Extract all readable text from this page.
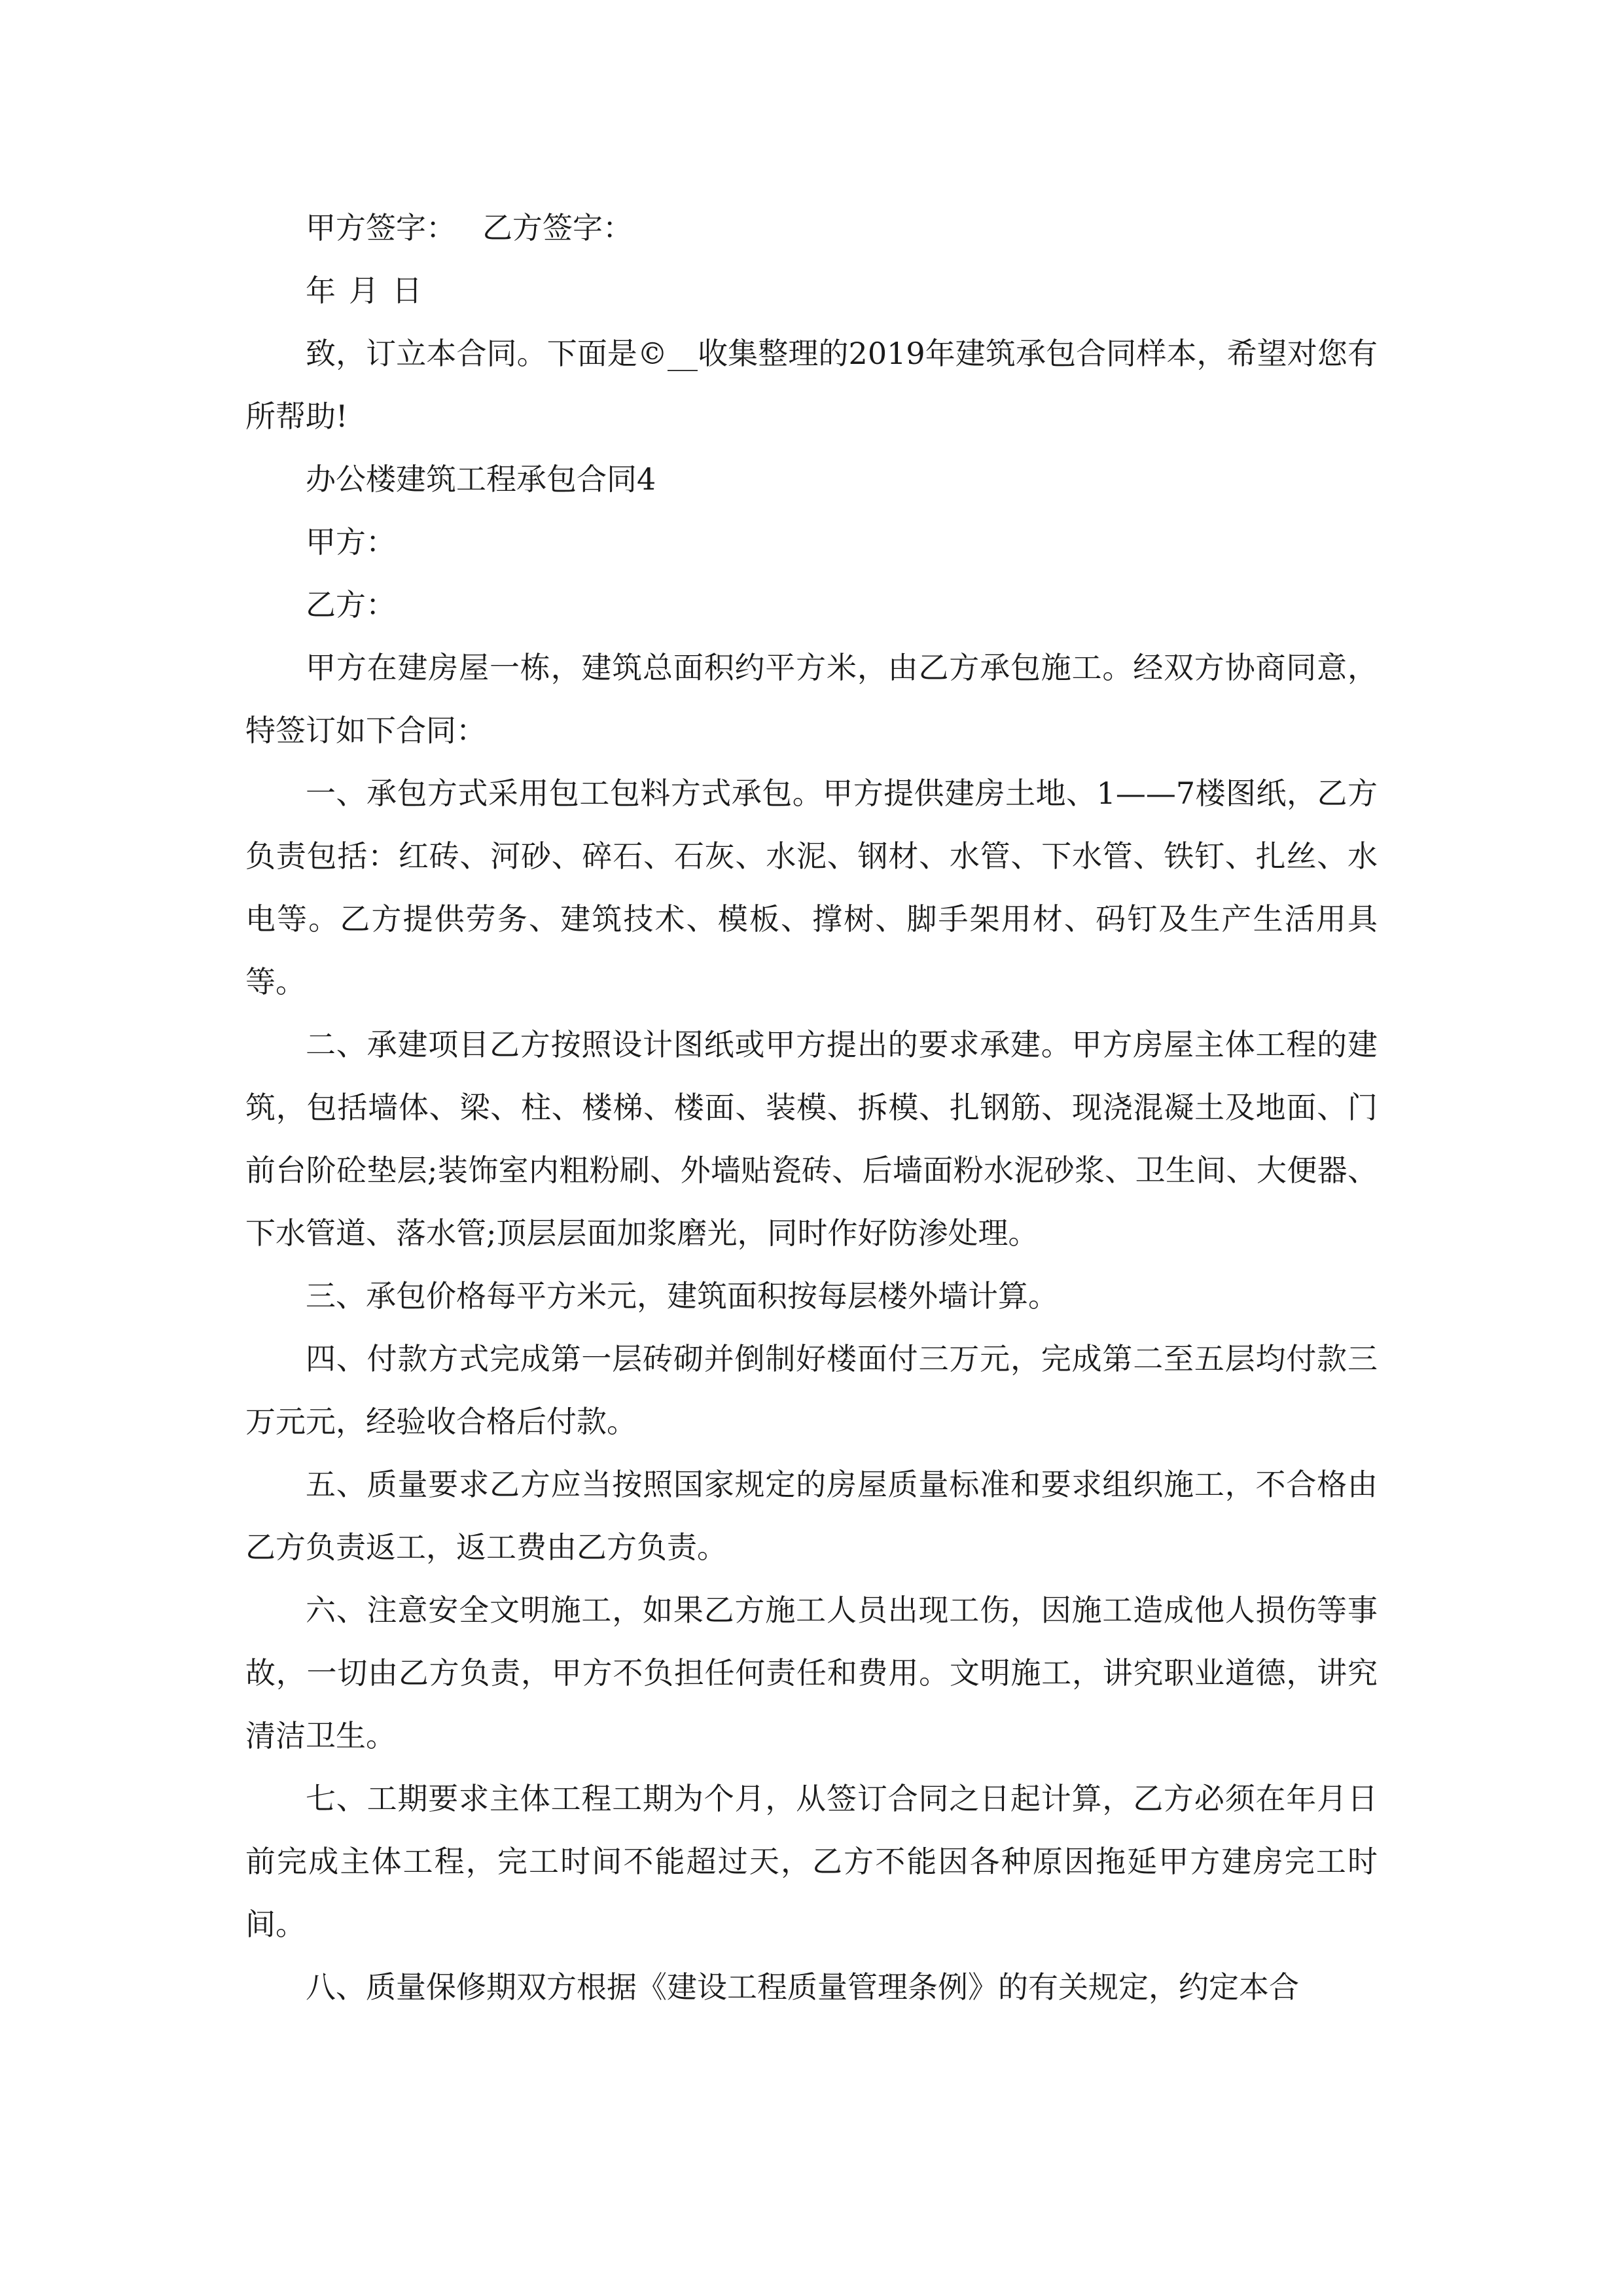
甲方签字： 乙方签字：

年 月 日

致，订立本合同。下面是©__收集整理的2019年建筑承包合同样本，希望对您有所帮助!

办公楼建筑工程承包合同4

甲方：

乙方：

甲方在建房屋一栋，建筑总面积约平方米，由乙方承包施工。经双方协商同意，特签订如下合同：

一、承包方式采用包工包料方式承包。甲方提供建房土地、1——7楼图纸，乙方负责包括：红砖、河砂、碎石、石灰、水泥、钢材、水管、下水管、铁钉、扎丝、水电等。乙方提供劳务、建筑技术、模板、撑树、脚手架用材、码钉及生产生活用具等。

二、承建项目乙方按照设计图纸或甲方提出的要求承建。甲方房屋主体工程的建筑，包括墙体、梁、柱、楼梯、楼面、装模、拆模、扎钢筋、现浇混凝土及地面、门前台阶砼垫层;装饰室内粗粉刷、外墙贴瓷砖、后墙面粉水泥砂浆、卫生间、大便器、下水管道、落水管;顶层层面加浆磨光，同时作好防渗处理。

三、承包价格每平方米元，建筑面积按每层楼外墙计算。

四、付款方式完成第一层砖砌并倒制好楼面付三万元，完成第二至五层均付款三万元元，经验收合格后付款。

五、质量要求乙方应当按照国家规定的房屋质量标准和要求组织施工，不合格由乙方负责返工，返工费由乙方负责。

六、注意安全文明施工，如果乙方施工人员出现工伤，因施工造成他人损伤等事故，一切由乙方负责，甲方不负担任何责任和费用。文明施工，讲究职业道德，讲究清洁卫生。

七、工期要求主体工程工期为个月，从签订合同之日起计算，乙方必须在年月日前完成主体工程，完工时间不能超过天，乙方不能因各种原因拖延甲方建房完工时间。

八、质量保修期双方根据《建设工程质量管理条例》的有关规定，约定本合
